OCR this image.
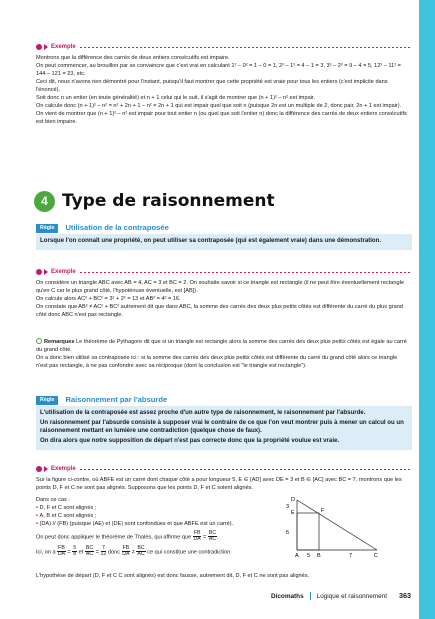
Exemple

Montrons que la différence des carrés de deux entiers consécutifs est impaire.

On peut commencer, au brouillon par se convaincre que c'est vrai en calculant 1² – 0² = 1 – 0 = 1, 2² – 1² = 4 – 1 = 3, 3² – 2² = 9 – 4 = 5, 12² – 11² = 144 – 121 = 23, etc.

Ceci dit, nous n'avons rien démontré pour l'instant, puisqu'il faut montrer que cette propriété est vraie pour tous les entiers (c'est implicite dans l'énoncé).

Soit donc n un entier (en toute généralité) et n + 1 celui qui le suit, il s'agit de montrer que (n + 1)² – n² est impair.

On calcule donc (n + 1)² – n² = n² + 2n + 1 – n² = 2n + 1 qui est impair quel que soit n (puisque 2n est un multiple de 2, donc pair, 2n + 1 est impair).

On vient de montrer que (n + 1)² – n² est impair pour tout entier n (ou quel que soit l'entier n) donc la différence des carrés de deux entiers consécutifs est bien impaire.

4 Type de raisonnement
Règle	Utilisation de la contraposée

Lorsque l'on connaît une propriété, on peut utiliser sa contraposée (qui est également vraie) dans une démonstration.

Exemple

On considère un triangle ABC avec AB = 4, AC = 3 et BC = 2. On souhaite savoir si ce triangle est rectangle (il ne peut être éventuellement rectangle qu'en C car le plus grand côté, l'hypoténuse éventuelle, est [AB]).

On calcule alors AC² + BC² = 3² + 2² = 13 et AB² = 4² = 16.

On constate que AB² ≠ AC² + BC² autrement dit que dans ABC, la somme des carrés des deux plus petits côtés est différente du carré du plus grand côté donc ABC n'est pas rectangle.

Remarques Le théorème de Pythagore dit que si un triangle est rectangle alors la somme des carrés des deux plus petits côtés est égale au carré du grand côté.

On a donc bien utilisé sa contraposée ici : si la somme des carrés des deux plus petits côtés est différente du carré du grand côté alors ce triangle n'est pas rectangle, à ne pas confondre avec sa réciproque (dont la conclusion est "le triangle est rectangle").

Règle	Raisonnement par l'absurde

L'utilisation de la contraposée est assez proche d'un autre type de raisonnement, le raisonnement par l'absurde.

Un raisonnement par l'absurde consiste à supposer vrai le contraire de ce que l'on veut montrer puis à mener un calcul ou un raisonnement mettant en lumière une contradiction (quelque chose de faux).

On dira alors que notre supposition de départ n'est pas correcte donc que la propriété voulue est vraie.

Exemple

Sur la figure ci-contre, où ABFE est un carré dont chaque côté a pour longueur 5, E ∈ [AD] avec DE = 3 et B ∈ [AC] avec BC = 7, montrons que les points D, F et C ne sont pas alignés. Supposons que les points D, F et C soient alignés.

Dans ce cas :

• D, F et C sont alignés ;
• A, B et C sont alignés ;
• (DA) // (FB) (puisque (AE) et (DE) sont confondues et que ABFE est un carré).

On peut donc appliquer le théorème de Thalès, qui affirme que $\frac{FB}{DA} = \frac{BC}{AC}$ .

Ici, on a $\frac{FB}{DA} = \frac{5}{8}$ et $\frac{BC}{AC} = \frac{7}{12}$ donc $\frac{FB}{DA} \ne \frac{BC}{AC}$ ce qui constitue une contradiction.

L'hypothèse de départ (D, F et C C sont alignés) est donc fausse, autrement dit, D, F et C ne sont pas alignés.

D
E	F
A	B	C
3
5
5	7
Dicomaths Logique et raisonnement 363
